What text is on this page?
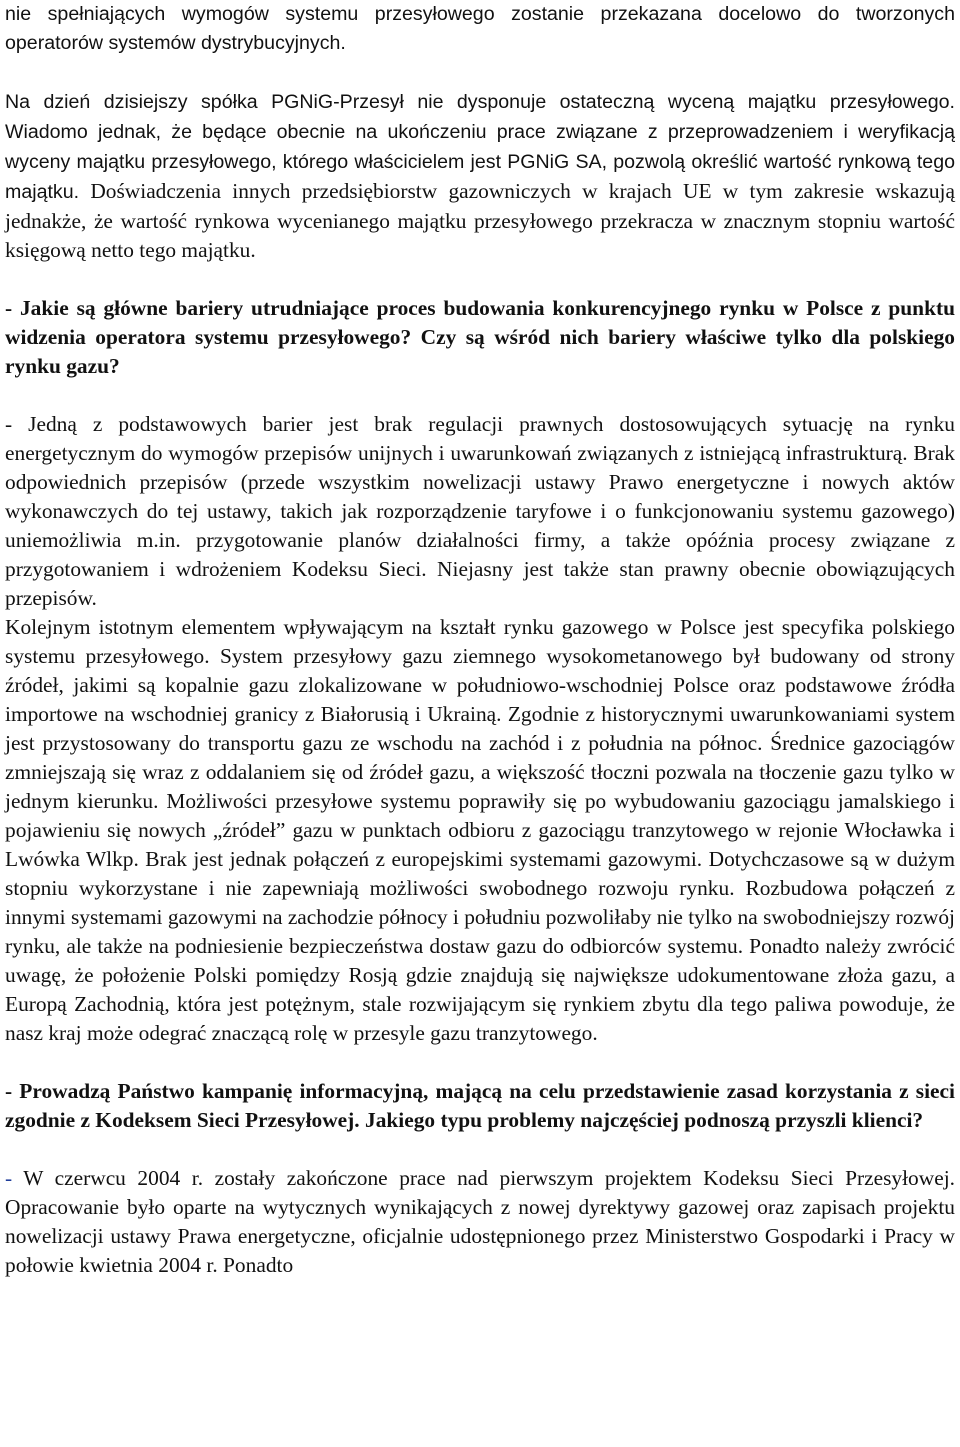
nie spełniających wymogów systemu przesyłowego zostanie przekazana docelowo do tworzonych operatorów systemów dystrybucyjnych.

Na dzień dzisiejszy spółka PGNiG-Przesył nie dysponuje ostateczną wyceną majątku przesyłowego. Wiadomo jednak, że będące obecnie na ukończeniu prace związane z przeprowadzeniem i weryfikacją wyceny majątku przesyłowego, którego właścicielem jest PGNiG SA, pozwolą określić wartość rynkową tego majątku. Doświadczenia innych przedsiębiorstw gazowniczych w krajach UE w tym zakresie wskazują jednakże, że wartość rynkowa wycenianego majątku przesyłowego przekracza w znacznym stopniu wartość księgową netto tego majątku.

- Jakie są główne bariery utrudniające proces budowania konkurencyjnego rynku w Polsce z punktu widzenia operatora systemu przesyłowego? Czy są wśród nich bariery właściwe tylko dla polskiego rynku gazu?

- Jedną z podstawowych barier jest brak regulacji prawnych dostosowujących sytuację na rynku energetycznym do wymogów przepisów unijnych i uwarunkowań związanych z istniejącą infrastrukturą. Brak odpowiednich przepisów (przede wszystkim nowelizacji ustawy Prawo energetyczne i nowych aktów wykonawczych do tej ustawy, takich jak rozporządzenie taryfowe i o funkcjonowaniu systemu gazowego) uniemożliwia m.in. przygotowanie planów działalności firmy, a także opóźnia procesy związane z przygotowaniem i wdrożeniem Kodeksu Sieci. Niejasny jest także stan prawny obecnie obowiązujących przepisów.

Kolejnym istotnym elementem wpływającym na kształt rynku gazowego w Polsce jest specyfika polskiego systemu przesyłowego. System przesyłowy gazu ziemnego wysokometanowego był budowany od strony źródeł, jakimi są kopalnie gazu zlokalizowane w południowo-wschodniej Polsce oraz podstawowe źródła importowe na wschodniej granicy z Białorusią i Ukrainą. Zgodnie z historycznymi uwarunkowaniami system jest przystosowany do transportu gazu ze wschodu na zachód i z południa na północ. Średnice gazociągów zmniejszają się wraz z oddalaniem się od źródeł gazu, a większość tłoczni pozwala na tłoczenie gazu tylko w jednym kierunku. Możliwości przesyłowe systemu poprawiły się po wybudowaniu gazociągu jamalskiego i pojawieniu się nowych „źródeł” gazu w punktach odbioru z gazociągu tranzytowego w rejonie Włocławka i Lwówka Wlkp. Brak jest jednak połączeń z europejskimi systemami gazowymi. Dotychczasowe są w dużym stopniu wykorzystane i nie zapewniają możliwości swobodnego rozwoju rynku. Rozbudowa połączeń z innymi systemami gazowymi na zachodzie północy i południu pozwoliłaby nie tylko na swobodniejszy rozwój rynku, ale także na podniesienie bezpieczeństwa dostaw gazu do odbiorców systemu. Ponadto należy zwrócić uwagę, że położenie Polski pomiędzy Rosją gdzie znajdują się największe udokumentowane złoża gazu, a Europą Zachodnią, która jest potężnym, stale rozwijającym się rynkiem zbytu dla tego paliwa powoduje, że nasz kraj może odegrać znaczącą rolę w przesyle gazu tranzytowego.

- Prowadzą Państwo kampanię informacyjną, mającą na celu przedstawienie zasad korzystania z sieci zgodnie z Kodeksem Sieci Przesyłowej. Jakiego typu problemy najczęściej podnoszą przyszli klienci?

- W czerwcu 2004 r. zostały zakończone prace nad pierwszym projektem Kodeksu Sieci Przesyłowej. Opracowanie było oparte na wytycznych wynikających z nowej dyrektywy gazowej oraz zapisach projektu nowelizacji ustawy Prawa energetyczne, oficjalnie udostępnionego przez Ministerstwo Gospodarki i Pracy w połowie kwietnia 2004 r. Ponadto
